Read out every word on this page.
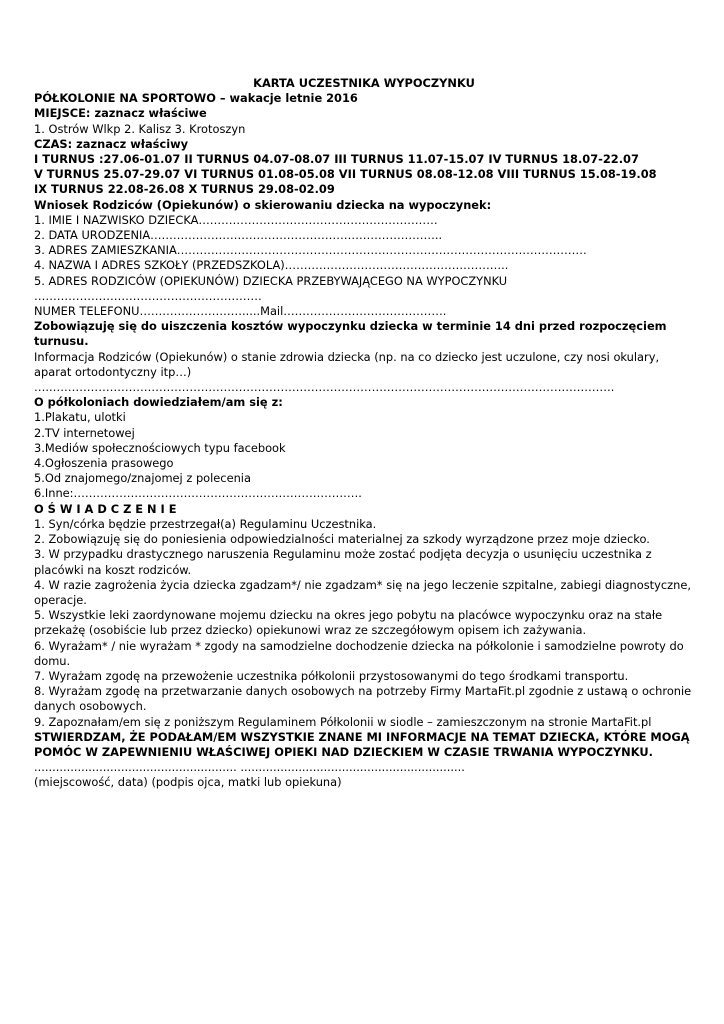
KARTA UCZESTNIKA WYPOCZYNKU
PÓŁKOLONIE NA SPORTOWO – wakacje letnie 2016
MIEJSCE: zaznacz właściwe
1. Ostrów Wlkp 2. Kalisz 3. Krotoszyn
CZAS: zaznacz właściwy
I TURNUS :27.06-01.07 II TURNUS 04.07-08.07 III TURNUS 11.07-15.07 IV TURNUS 18.07-22.07
V TURNUS 25.07-29.07 VI TURNUS 01.08-05.08 VII TURNUS 08.08-12.08 VIII TURNUS 15.08-19.08
IX TURNUS 22.08-26.08 X TURNUS 29.08-02.09
Wniosek Rodziców (Opiekunów) o skierowaniu dziecka na wypoczynek:
1. IMIE I NAZWISKO DZIECKA………………………………………………………
2. DATA URODZENIA…………………………………………………………………..
3. ADRES ZAMIESZKANIA………………………………………………………………………………………………
4. NAZWA I ADRES SZKOŁY (PRZEDSZKOLA)…………………………………………………..
5. ADRES RODZICÓW (OPIEKUNÓW) DZIECKA PRZEBYWAJĄCEGO NA WYPOCZYNKU
……………………………………………………
NUMER TELEFONU……………………….....Mail…………………………………….
Zobowiązuję się do uiszczenia kosztów wypoczynku dziecka w terminie 14 dni przed rozpoczęciem turnusu.
Informacja Rodziców (Opiekunów) o stanie zdrowia dziecka (np. na co dziecko jest uczulone, czy nosi okulary, aparat ortodontyczny itp…)
…..………………………………………………………………………………………………………………………………….
O półkoloniach dowiedziałem/am się z:
1.Plakatu, ulotki
2.TV internetowej
3.Mediów społecznościowych typu facebook
4.Ogłoszenia prasowego
5.Od znajomego/znajomej z polecenia
6.Inne:………………………………………………………………….
O Ś W I A D C Z E N I E
1. Syn/córka będzie przestrzegał(a) Regulaminu Uczestnika.
2. Zobowiązuję się do poniesienia odpowiedzialności materialnej za szkody wyrządzone przez moje dziecko.
3. W przypadku drastycznego naruszenia Regulaminu może zostać podjęta decyzja o usunięciu uczestnika z placówki na koszt rodziców.
4. W razie zagrożenia życia dziecka zgadzam*/ nie zgadzam* się na jego leczenie szpitalne, zabiegi diagnostyczne, operacje.
5. Wszystkie leki zaordynowane mojemu dziecku na okres jego pobytu na placówce wypoczynku oraz na stałe przekażę (osobiście lub przez dziecko) opiekunowi wraz ze szczegółowym opisem ich zażywania.
6. Wyrażam* / nie wyrażam * zgody na samodzielne dochodzenie dziecka na półkolonie i samodzielne powroty do domu.
7. Wyrażam zgodę na przewożenie uczestnika półkolonii przystosowanymi do tego środkami transportu.
8. Wyrażam zgodę na przetwarzanie danych osobowych na potrzeby Firmy MartaFit.pl zgodnie z ustawą o ochronie danych osobowych.
9. Zapoznałam/em się z poniższym Regulaminem Półkolonii w siodle – zamieszczonym na stronie MartaFit.pl
STWIERDZAM, ŻE PODAŁAM/EM WSZYSTKIE ZNANE MI INFORMACJE NA TEMAT DZIECKA, KTÓRE MOGĄ POMÓC W ZAPEWNIENIU WŁAŚCIWEJ OPIEKI NAD DZIECKIEM W CZASIE TRWANIA WYPOCZYNKU.
........................................................ ..............................................................
(miejscowość, data) (podpis ojca, matki lub opiekuna)
